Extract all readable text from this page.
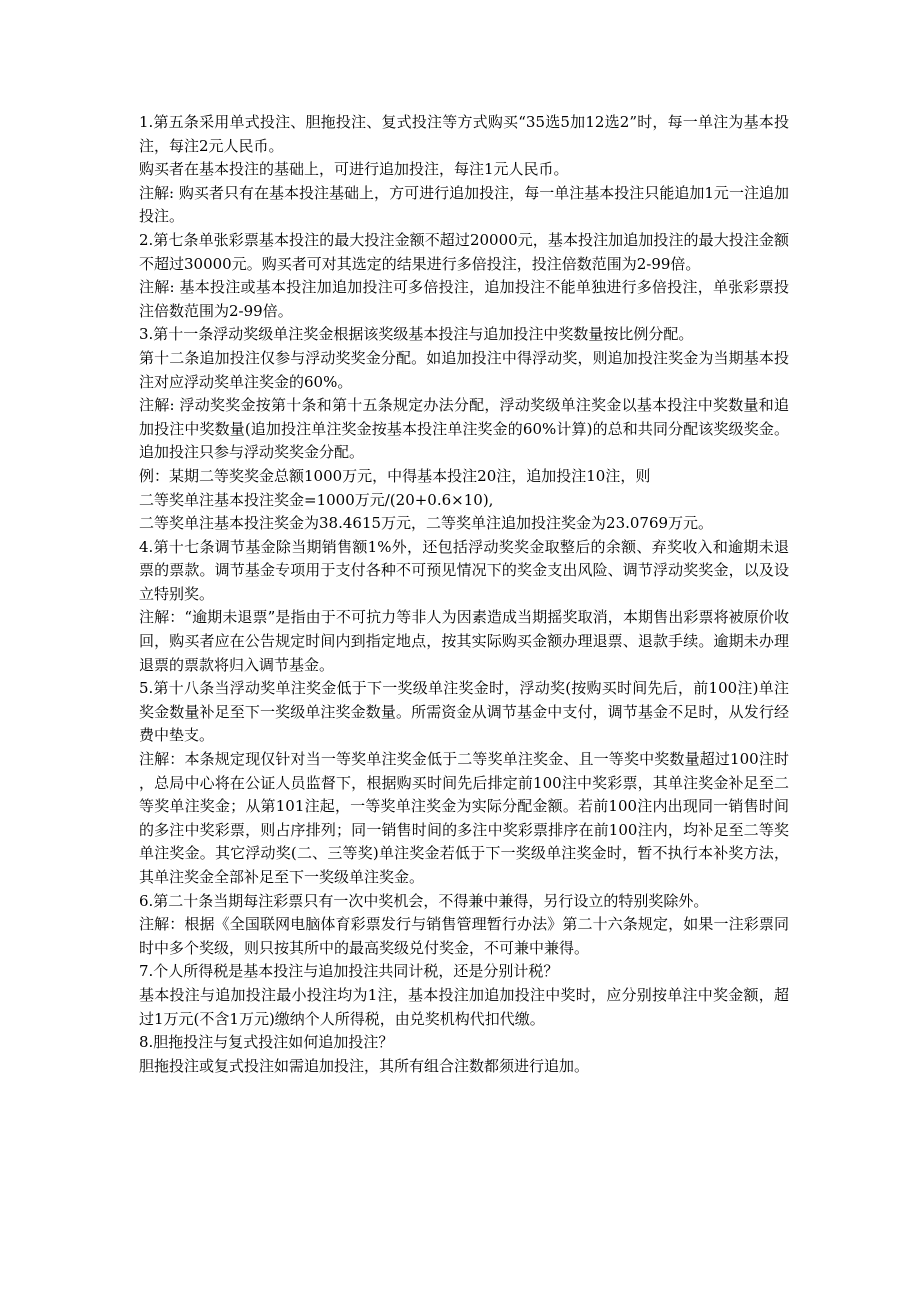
1.第五条采用单式投注、胆拖投注、复式投注等方式购买“35选5加12选2”时，每一单注为基本投注，每注2元人民币。

购买者在基本投注的基础上，可进行追加投注，每注1元人民币。

注解: 购买者只有在基本投注基础上，方可进行追加投注，每一单注基本投注只能追加1元一注追加投注。

2.第七条单张彩票基本投注的最大投注金额不超过20000元，基本投注加追加投注的最大投注金额不超过30000元。购买者可对其选定的结果进行多倍投注，投注倍数范围为2-99倍。

注解: 基本投注或基本投注加追加投注可多倍投注，追加投注不能单独进行多倍投注，单张彩票投注倍数范围为2-99倍。

3.第十一条浮动奖级单注奖金根据该奖级基本投注与追加投注中奖数量按比例分配。

第十二条追加投注仅参与浮动奖奖金分配。如追加投注中得浮动奖，则追加投注奖金为当期基本投注对应浮动奖单注奖金的60%。

注解: 浮动奖奖金按第十条和第十五条规定办法分配，浮动奖级单注奖金以基本投注中奖数量和追加投注中奖数量(追加投注单注奖金按基本投注单注奖金的60%计算)的总和共同分配该奖级奖金。追加投注只参与浮动奖奖金分配。

例：某期二等奖奖金总额1000万元，中得基本投注20注，追加投注10注，则

二等奖单注基本投注奖金=1000万元/(20+0.6×10),

二等奖单注基本投注奖金为38.4615万元，二等奖单注追加投注奖金为23.0769万元。

4.第十七条调节基金除当期销售额1%外，还包括浮动奖奖金取整后的余额、弃奖收入和逾期未退票的票款。调节基金专项用于支付各种不可预见情况下的奖金支出风险、调节浮动奖奖金，以及设立特别奖。

注解：“逾期未退票”是指由于不可抗力等非人为因素造成当期摇奖取消，本期售出彩票将被原价收回，购买者应在公告规定时间内到指定地点，按其实际购买金额办理退票、退款手续。逾期未办理退票的票款将归入调节基金。

5.第十八条当浮动奖单注奖金低于下一奖级单注奖金时，浮动奖(按购买时间先后，前100注)单注奖金数量补足至下一奖级单注奖金数量。所需资金从调节基金中支付，调节基金不足时，从发行经费中垫支。

注解：本条规定现仅针对当一等奖单注奖金低于二等奖单注奖金、且一等奖中奖数量超过100注时，总局中心将在公证人员监督下，根据购买时间先后排定前100注中奖彩票，其单注奖金补足至二等奖单注奖金；从第101注起，一等奖单注奖金为实际分配金额。若前100注内出现同一销售时间的多注中奖彩票，则占序排列；同一销售时间的多注中奖彩票排序在前100注内，均补足至二等奖单注奖金。其它浮动奖(二、三等奖)单注奖金若低于下一奖级单注奖金时，暂不执行本补奖方法，其单注奖金全部补足至下一奖级单注奖金。

6.第二十条当期每注彩票只有一次中奖机会，不得兼中兼得，另行设立的特别奖除外。

注解：根据《全国联网电脑体育彩票发行与销售管理暂行办法》第二十六条规定，如果一注彩票同时中多个奖级，则只按其所中的最高奖级兑付奖金，不可兼中兼得。

7.个人所得税是基本投注与追加投注共同计税，还是分别计税？

基本投注与追加投注最小投注均为1注，基本投注加追加投注中奖时，应分别按单注中奖金额，超过1万元(不含1万元)缴纳个人所得税，由兑奖机构代扣代缴。

8.胆拖投注与复式投注如何追加投注？

胆拖投注或复式投注如需追加投注，其所有组合注数都须进行追加。
